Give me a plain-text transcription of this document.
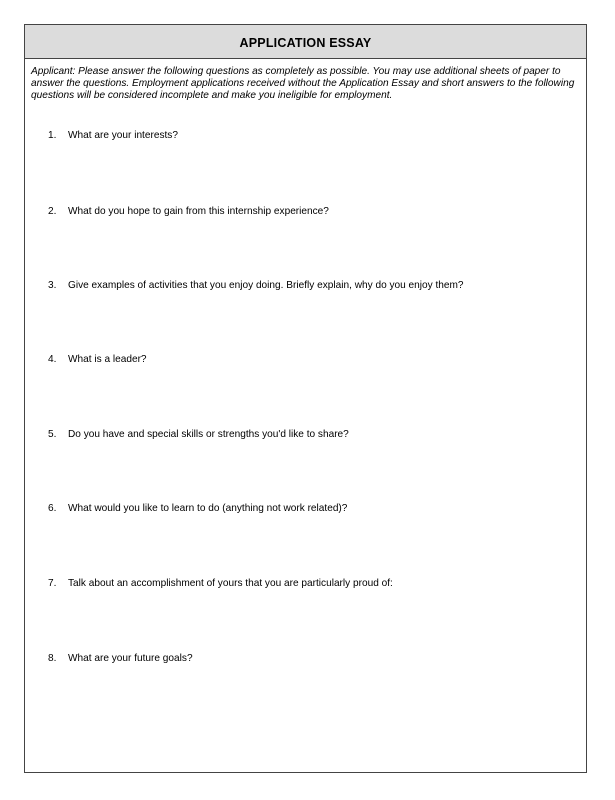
APPLICATION ESSAY

Applicant: Please answer the following questions as completely as possible. You may use additional sheets of paper to answer the questions. Employment applications received without the Application Essay and short answers to the following questions will be considered incomplete and make you ineligible for employment.

1. What are your interests?
2. What do you hope to gain from this internship experience?
3. Give examples of activities that you enjoy doing. Briefly explain, why do you enjoy them?
4. What is a leader?
5. Do you have and special skills or strengths you'd like to share?
6. What would you like to learn to do (anything not work related)?
7. Talk about an accomplishment of yours that you are particularly proud of:
8. What are your future goals?
